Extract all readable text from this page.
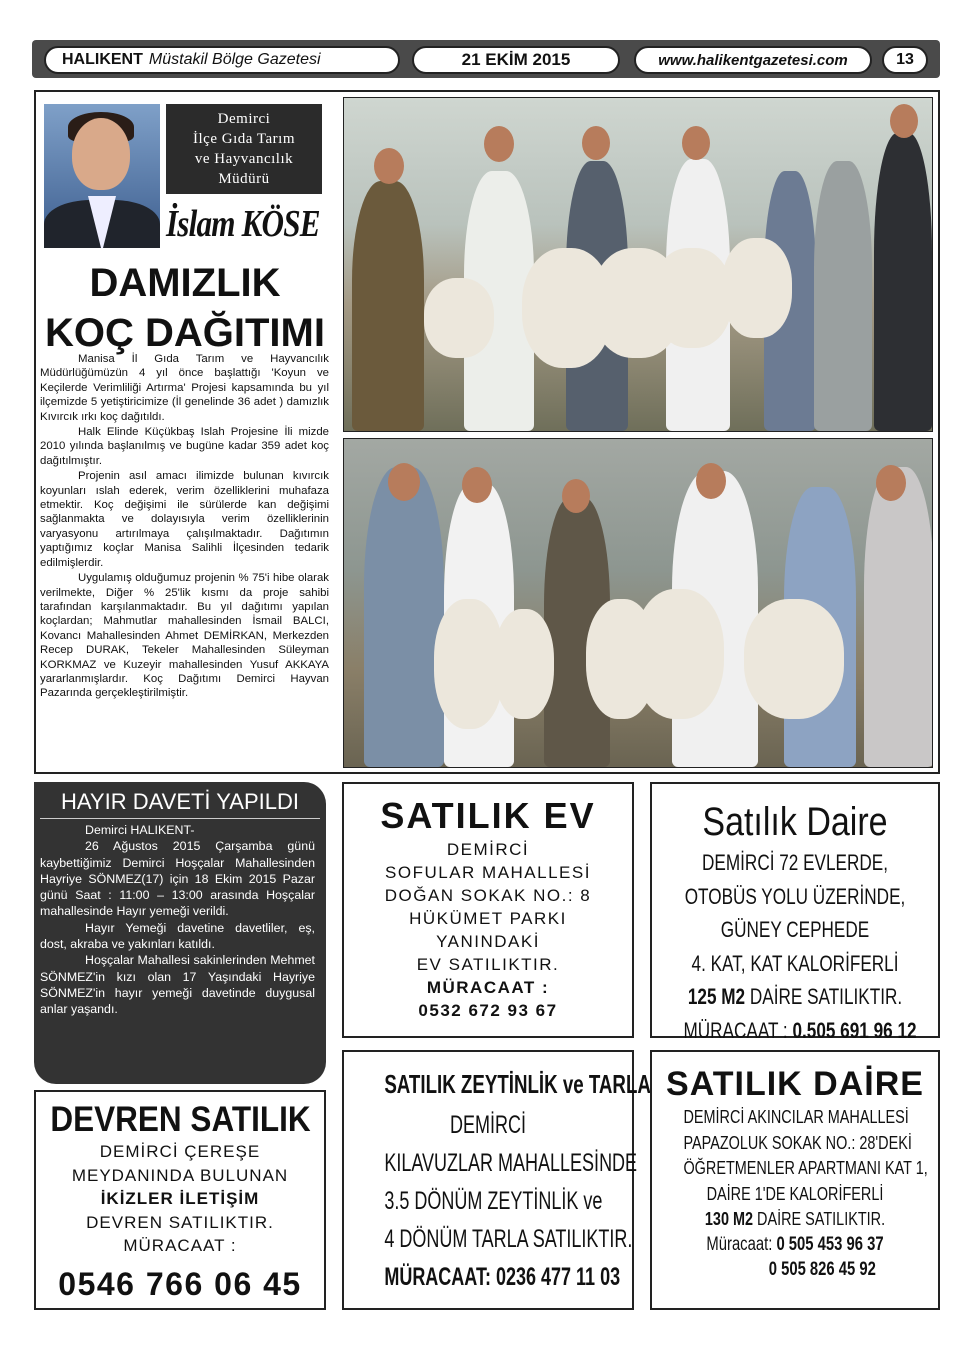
HALIKENT Müstakil Bölge Gazetesi	21 EKİM 2015	www.halikentgazetesi.com	13
Demirci
İlçe Gıda Tarım
ve Hayvancılık
Müdürü
İslam KÖSE
DAMIZLIK
KOÇ DAĞITIMI

Manisa İl Gıda Tarım ve Hayvancılık Müdürlüğümüzün 4 yıl önce başlattığı 'Koyun ve Keçilerde Verimliliği Artırma' Projesi kapsamında bu yıl ilçemizde 5 yetiştiricimize (İl genelinde 36 adet ) damızlık Kıvırcık ırkı koç dağıtıldı.

Halk Elinde Küçükbaş Islah Projesine İli mizde 2010 yılında başlanılmış ve bugüne kadar 359 adet koç dağıtılmıştır.

Projenin asıl amacı ilimizde bulunan kıvırcık koyunları ıslah ederek, verim özelliklerini muhafaza etmektir. Koç değişimi ile sürülerde kan değişimi sağlanmakta ve dolayısıyla verim özelliklerinin varyasyonu artırılmaya çalışılmaktadır. Dağıtımın yaptığımız koçlar Manisa Salihli İlçesinden tedarik edilmişlerdir.

Uygulamış olduğumuz projenin % 75'i hibe olarak verilmekte, Diğer % 25'lik kısmı da proje sahibi tarafından karşılanmaktadır. Bu yıl dağıtımı yapılan koçlardan; Mahmutlar mahallesinden İsmail BALCI, Kovancı Mahallesinden Ahmet DEMİRKAN, Merkezden Recep DURAK, Tekeler Mahallesinden Süleyman KORKMAZ ve Kuzeyir mahallesinden Yusuf AKKAYA yararlanmışlardır. Koç Dağıtımı Demirci Hayvan Pazarında gerçekleştirilmiştir.

HAYIR DAVETİ YAPILDI

Demirci HALIKENT-

26 Ağustos 2015 Çarşamba günü kaybettiğimiz Demirci Hoşçalar Mahallesinden Hayriye SÖNMEZ(17) için 18 Ekim 2015 Pazar günü Saat : 11:00 – 13:00 arasında Hoşçalar mahallesinde Hayır yemeği verildi.

Hayır Yemeği davetine davetliler, eş, dost, akraba ve yakınları katıldı.

Hoşçalar Mahallesi sakinlerinden Mehmet SÖNMEZ'in kızı olan 17 Yaşındaki Hayriye SÖNMEZ'in hayır yemeği davetinde duygusal anlar yaşandı.

DEVREN SATILIK
DEMİRCİ ÇEREŞE
MEYDANINDA BULUNAN
İKİZLER İLETİŞİM
DEVREN SATILIKTIR.
MÜRACAAT :
0546 766 06 45
SATILIK EV
DEMİRCİ
SOFULAR MAHALLESİ
DOĞAN SOKAK NO.: 8
HÜKÜMET PARKI
YANINDAKİ
EV SATILIKTIR.
MÜRACAAT :
0532 672 93 67
SATILIK ZEYTİNLİK ve TARLA
DEMİRCİ
KILAVUZLAR MAHALLESİNDE
3.5 DÖNÜM ZEYTİNLİK ve
4 DÖNÜM TARLA SATILIKTIR.
MÜRACAAT: 0236 477 11 03
Satılık Daire
DEMİRCİ 72 EVLERDE,
OTOBÜS YOLU ÜZERİNDE,
GÜNEY CEPHEDE
4. KAT, KAT KALORİFERLİ
125 M2 DAİRE SATILIKTIR.
MÜRACAAT : 0.505 691 96 12
SATILIK DAİRE
DEMİRCİ AKINCILAR MAHALLESİ
PAPAZOLUK SOKAK NO.: 28'DEKİ
ÖĞRETMENLER APARTMANI KAT 1,
DAİRE 1'DE KALORİFERLİ
130 M2 DAİRE SATILIKTIR.
Müracaat: 0 505 453 96 37
0 505 826 45 92
